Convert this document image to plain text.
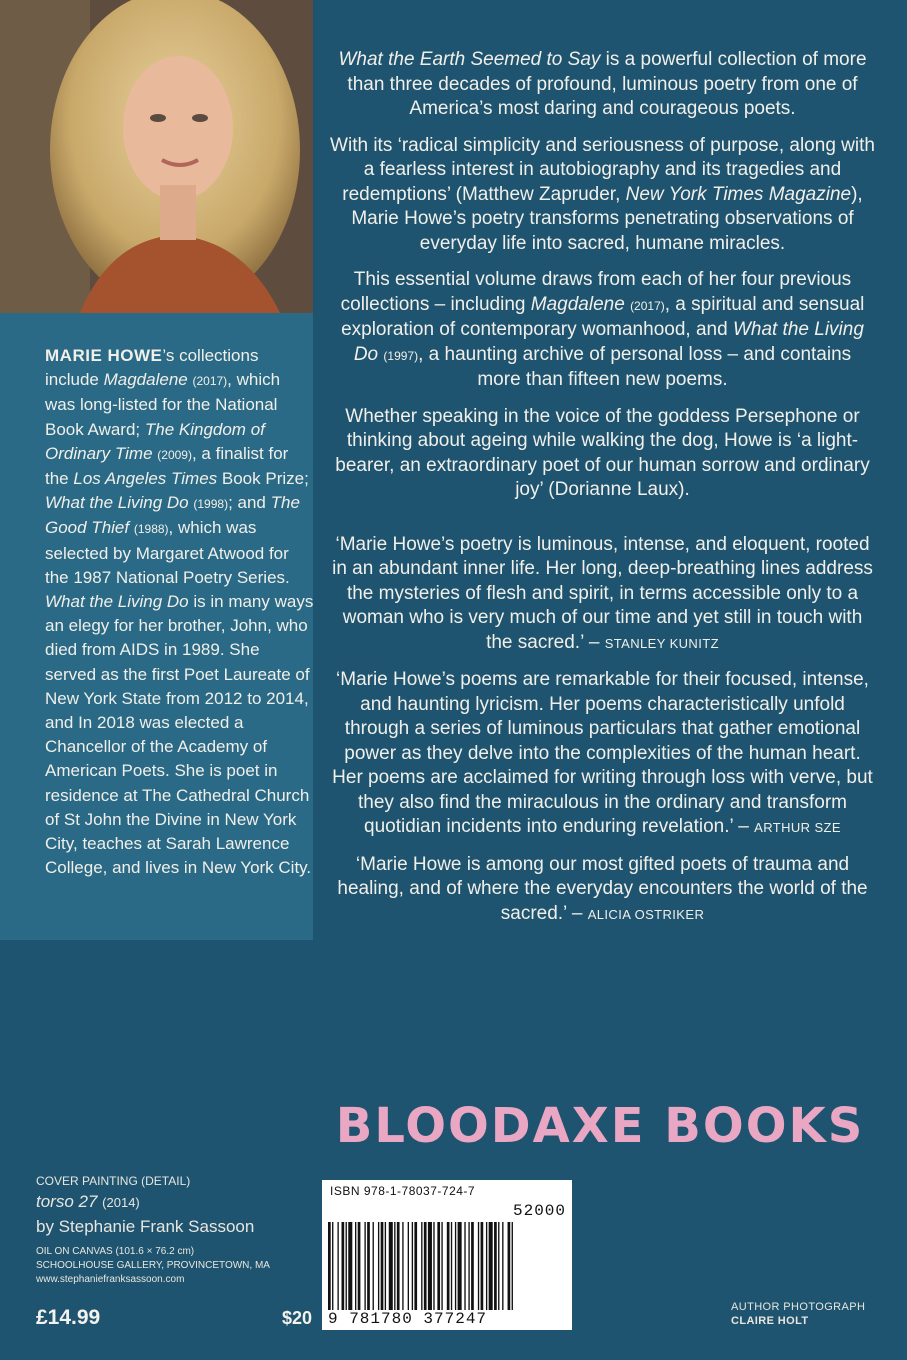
MARIE HOWE’s collections include Magdalene (2017), which was long-listed for the National Book Award; The Kingdom of Ordinary Time (2009), a finalist for the Los Angeles Times Book Prize; What the Living Do (1998); and The Good Thief (1988), which was selected by Margaret Atwood for the 1987 National Poetry Series. What the Living Do is in many ways an elegy for her brother, John, who died from AIDS in 1989. She served as the first Poet Laureate of New York State from 2012 to 2014, and In 2018 was elected a Chancellor of the Academy of American Poets. She is poet in residence at The Cathedral Church of St John the Divine in New York City, teaches at Sarah Lawrence College, and lives in New York City.

What the Earth Seemed to Say is a powerful collection of more than three decades of profound, luminous poetry from one of America’s most daring and courageous poets.

With its ‘radical simplicity and seriousness of purpose, along with a fearless interest in autobiography and its tragedies and redemptions’ (Matthew Zapruder, New York Times Magazine), Marie Howe’s poetry transforms penetrating observations of everyday life into sacred, humane miracles.

This essential volume draws from each of her four previous collections – including Magdalene (2017), a spiritual and sensual exploration of contemporary womanhood, and What the Living Do (1997), a haunting archive of personal loss – and contains more than fifteen new poems.

Whether speaking in the voice of the goddess Persephone or thinking about ageing while walking the dog, Howe is ‘a light-bearer, an extraordinary poet of our human sorrow and ordinary joy’ (Dorianne Laux).

‘Marie Howe’s poetry is luminous, intense, and eloquent, rooted in an abundant inner life. Her long, deep-breathing lines address the mysteries of flesh and spirit, in terms accessible only to a woman who is very much of our time and yet still in touch with the sacred.’ – STANLEY KUNITZ

‘Marie Howe’s poems are remarkable for their focused, intense, and haunting lyricism. Her poems characteristically unfold through a series of luminous particulars that gather emotional power as they delve into the complexities of the human heart. Her poems are acclaimed for writing through loss with verve, but they also find the miraculous in the ordinary and transform quotidian incidents into enduring revelation.’ – ARTHUR SZE

‘Marie Howe is among our most gifted poets of trauma and healing, and of where the everyday encounters the world of the sacred.’ – ALICIA OSTRIKER

BLOODAXE BOOKS
COVER PAINTING (DETAIL)
torso 27 (2014)
by Stephanie Frank Sassoon
OIL ON CANVAS (101.6 × 76.2 cm)
SCHOOLHOUSE GALLERY, PROVINCETOWN, MA
www.stephaniefranksassoon.com
£14.99	$20
ISBN 978-1-78037-724-7
52000
9 781780 377247
AUTHOR PHOTOGRAPH
CLAIRE HOLT
